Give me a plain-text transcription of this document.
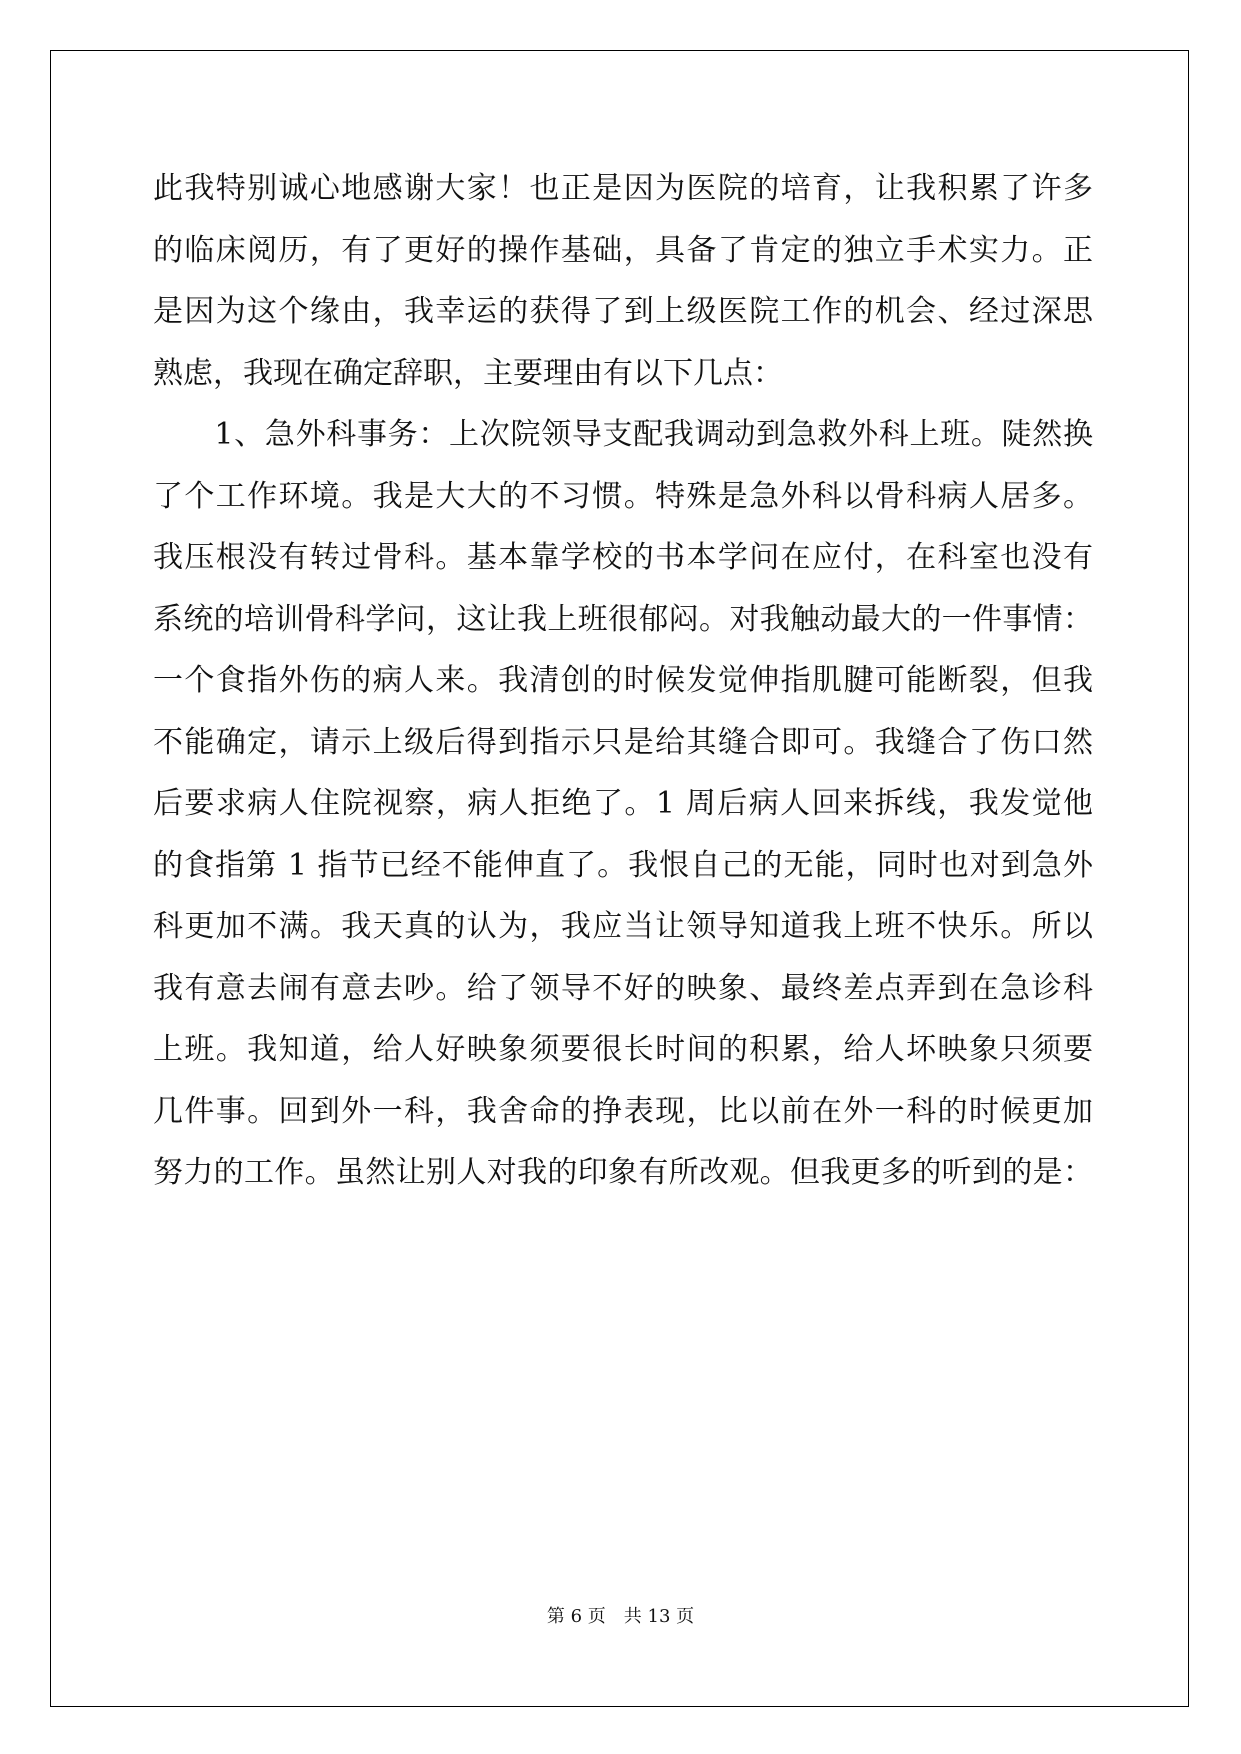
此我特别诚心地感谢大家！也正是因为医院的培育，让我积累了许多
的临床阅历，有了更好的操作基础，具备了肯定的独立手术实力。正
是因为这个缘由，我幸运的获得了到上级医院工作的机会、经过深思
熟虑，我现在确定辞职，主要理由有以下几点：
　　1、急外科事务：上次院领导支配我调动到急救外科上班。陡然换
了个工作环境。我是大大的不习惯。特殊是急外科以骨科病人居多。
我压根没有转过骨科。基本靠学校的书本学问在应付，在科室也没有
系统的培训骨科学问，这让我上班很郁闷。对我触动最大的一件事情：
一个食指外伤的病人来。我清创的时候发觉伸指肌腱可能断裂，但我
不能确定，请示上级后得到指示只是给其缝合即可。我缝合了伤口然
后要求病人住院视察，病人拒绝了。1 周后病人回来拆线，我发觉他
的食指第 1 指节已经不能伸直了。我恨自己的无能，同时也对到急外
科更加不满。我天真的认为，我应当让领导知道我上班不快乐。所以
我有意去闹有意去吵。给了领导不好的映象、最终差点弄到在急诊科
上班。我知道，给人好映象须要很长时间的积累，给人坏映象只须要
几件事。回到外一科，我舍命的挣表现，比以前在外一科的时候更加
努力的工作。虽然让别人对我的印象有所改观。但我更多的听到的是：
第 6 页　共 13 页
